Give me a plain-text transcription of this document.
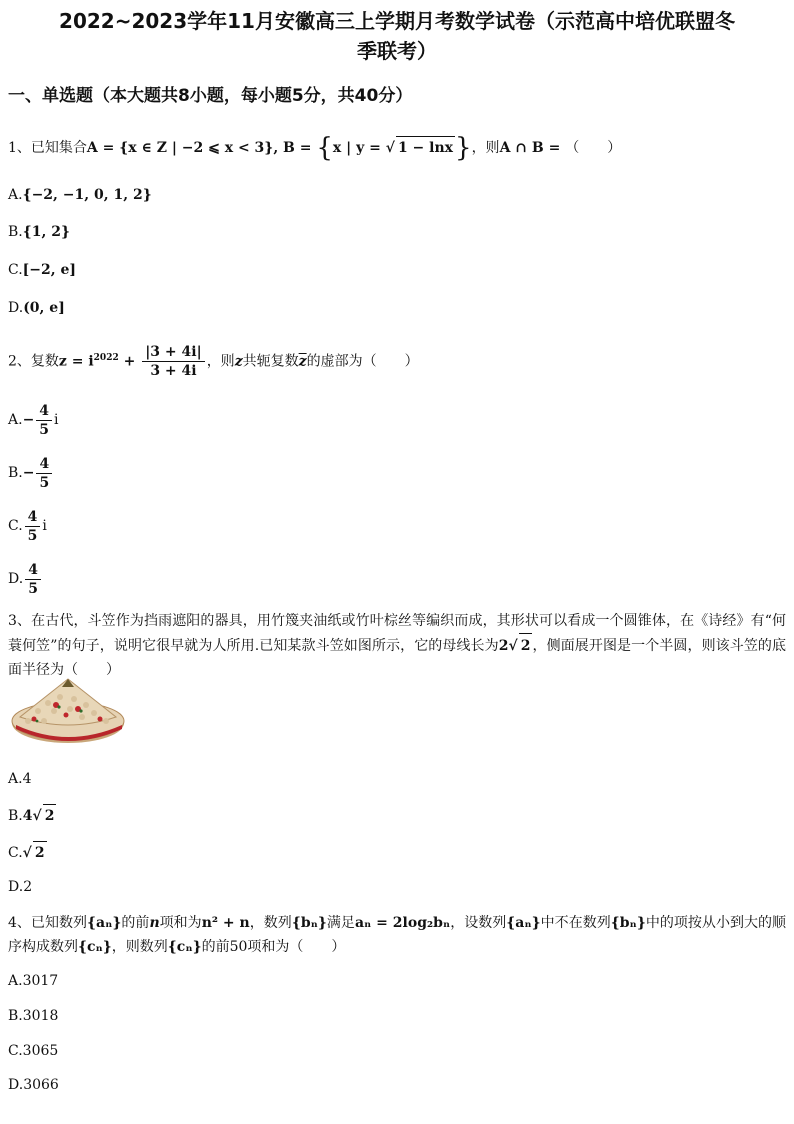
2022~2023学年11月安徽高三上学期月考数学试卷（示范高中培优联盟冬
季联考）
一、单选题（本大题共8小题，每小题5分，共40分）
1、已知集合A = {x ∈ Z | −2 ⩽ x < 3}, B = {x | y = √ 1 − lnx}，则A ∩ B = （　　）
A.{−2, −1, 0, 1, 2}
B.{1, 2}
C.[−2, e]
D.(0, e]
2、复数$z = i^{2022} + \frac{|3 + 4i|}{3 + 4i}$ ，则z共轭复数$\overline{z}$的虚部为（　　）
$A.- \frac{4}{5}$ i
$B.- \frac{4}{5}$
C. $\frac{4}{5}$ i
D. $\frac{4}{5}$
3、在古代，斗笠作为挡雨遮阳的器具，用竹篾夹油纸或竹叶棕丝等编织而成，其形状可以看成一个圆锥体，在《诗经》有“何蓑何笠”的句子，说明它很早就为人所用.已知某款斗笠如图所示，它的母线长为2√ 2 ，侧面展开图是一个半圆，则该斗笠的底面半径为（　　）
A.4
B.4√ 2
C.√ 2
D.2
4、已知数列{aₙ}的前n项和为n² + n，数列{bₙ}满足aₙ = 2log₂bₙ，设数列{aₙ}中不在数列{bₙ}中的项按从小到大的顺序构成数列{cₙ}，则数列{cₙ}的前50项和为（　　）
A.3017
B.3018
C.3065
D.3066
